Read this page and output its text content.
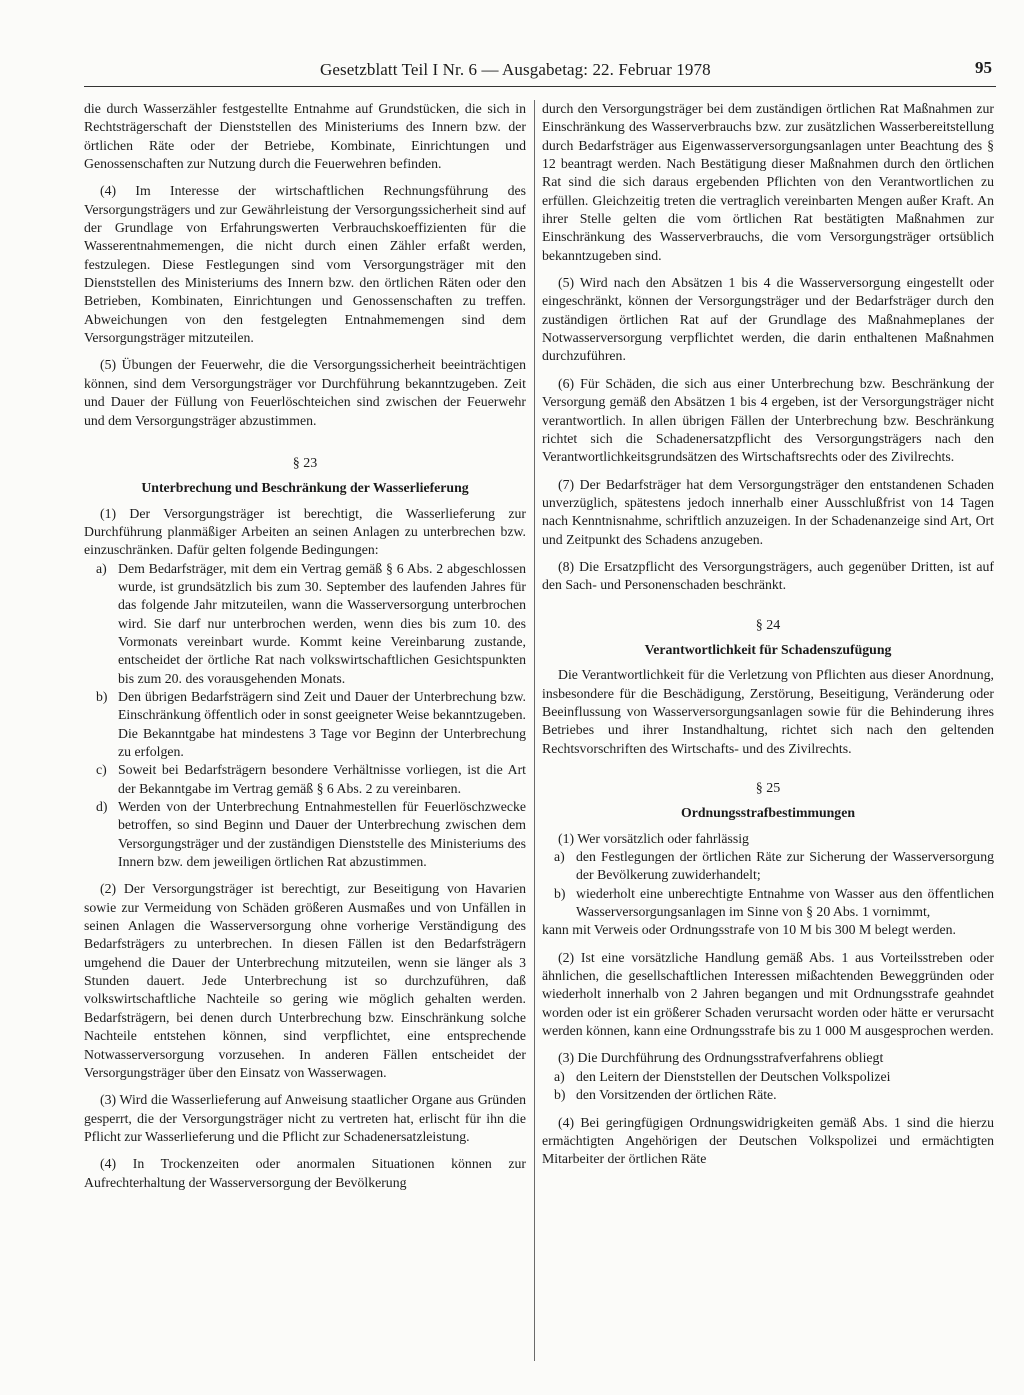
Gesetzblatt Teil I Nr. 6 — Ausgabetag: 22. Februar 1978	95

die durch Wasserzähler festgestellte Entnahme auf Grundstücken, die sich in Rechtsträgerschaft der Dienststellen des Ministeriums des Innern bzw. der örtlichen Räte oder der Betriebe, Kombinate, Einrichtungen und Genossenschaften zur Nutzung durch die Feuerwehren befinden.

(4) Im Interesse der wirtschaftlichen Rechnungsführung des Versorgungsträgers und zur Gewährleistung der Versorgungssicherheit sind auf der Grundlage von Erfahrungswerten Verbrauchskoeffizienten für die Wasserentnahmemengen, die nicht durch einen Zähler erfaßt werden, festzulegen. Diese Festlegungen sind vom Versorgungsträger mit den Dienststellen des Ministeriums des Innern bzw. den örtlichen Räten oder den Betrieben, Kombinaten, Einrichtungen und Genossenschaften zu treffen. Abweichungen von den festgelegten Entnahmemengen sind dem Versorgungsträger mitzuteilen.

(5) Übungen der Feuerwehr, die die Versorgungssicherheit beeinträchtigen können, sind dem Versorgungsträger vor Durchführung bekanntzugeben. Zeit und Dauer der Füllung von Feuerlöschteichen sind zwischen der Feuerwehr und dem Versorgungsträger abzustimmen.

§ 23
Unterbrechung und Beschränkung der Wasserlieferung

(1) Der Versorgungsträger ist berechtigt, die Wasserlieferung zur Durchführung planmäßiger Arbeiten an seinen Anlagen zu unterbrechen bzw. einzuschränken. Dafür gelten folgende Bedingungen:

a) Dem Bedarfsträger, mit dem ein Vertrag gemäß § 6 Abs. 2 abgeschlossen wurde, ist grundsätzlich bis zum 30. September des laufenden Jahres für das folgende Jahr mitzuteilen, wann die Wasserversorgung unterbrochen wird. Sie darf nur unterbrochen werden, wenn dies bis zum 10. des Vormonats vereinbart wurde. Kommt keine Vereinbarung zustande, entscheidet der örtliche Rat nach volkswirtschaftlichen Gesichtspunkten bis zum 20. des vorausgehenden Monats.
b) Den übrigen Bedarfsträgern sind Zeit und Dauer der Unterbrechung bzw. Einschränkung öffentlich oder in sonst geeigneter Weise bekanntzugeben. Die Bekanntgabe hat mindestens 3 Tage vor Beginn der Unterbrechung zu erfolgen.
c) Soweit bei Bedarfsträgern besondere Verhältnisse vorliegen, ist die Art der Bekanntgabe im Vertrag gemäß § 6 Abs. 2 zu vereinbaren.
d) Werden von der Unterbrechung Entnahmestellen für Feuerlöschzwecke betroffen, so sind Beginn und Dauer der Unterbrechung zwischen dem Versorgungsträger und der zuständigen Dienststelle des Ministeriums des Innern bzw. dem jeweiligen örtlichen Rat abzustimmen.

(2) Der Versorgungsträger ist berechtigt, zur Beseitigung von Havarien sowie zur Vermeidung von Schäden größeren Ausmaßes und von Unfällen in seinen Anlagen die Wasserversorgung ohne vorherige Verständigung des Bedarfsträgers zu unterbrechen. In diesen Fällen ist den Bedarfsträgern umgehend die Dauer der Unterbrechung mitzuteilen, wenn sie länger als 3 Stunden dauert. Jede Unterbrechung ist so durchzuführen, daß volkswirtschaftliche Nachteile so gering wie möglich gehalten werden. Bedarfsträgern, bei denen durch Unterbrechung bzw. Einschränkung solche Nachteile entstehen können, sind verpflichtet, eine entsprechende Notwasserversorgung vorzusehen. In anderen Fällen entscheidet der Versorgungsträger über den Einsatz von Wasserwagen.

(3) Wird die Wasserlieferung auf Anweisung staatlicher Organe aus Gründen gesperrt, die der Versorgungsträger nicht zu vertreten hat, erlischt für ihn die Pflicht zur Wasserlieferung und die Pflicht zur Schadenersatzleistung.

(4) In Trockenzeiten oder anormalen Situationen können zur Aufrechterhaltung der Wasserversorgung der Bevölkerung

durch den Versorgungsträger bei dem zuständigen örtlichen Rat Maßnahmen zur Einschränkung des Wasserverbrauchs bzw. zur zusätzlichen Wasserbereitstellung durch Bedarfsträger aus Eigenwasserversorgungsanlagen unter Beachtung des § 12 beantragt werden. Nach Bestätigung dieser Maßnahmen durch den örtlichen Rat sind die sich daraus ergebenden Pflichten von den Verantwortlichen zu erfüllen. Gleichzeitig treten die vertraglich vereinbarten Mengen außer Kraft. An ihrer Stelle gelten die vom örtlichen Rat bestätigten Maßnahmen zur Einschränkung des Wasserverbrauchs, die vom Versorgungsträger ortsüblich bekanntzugeben sind.

(5) Wird nach den Absätzen 1 bis 4 die Wasserversorgung eingestellt oder eingeschränkt, können der Versorgungsträger und der Bedarfsträger durch den zuständigen örtlichen Rat auf der Grundlage des Maßnahmeplanes der Notwasserversorgung verpflichtet werden, die darin enthaltenen Maßnahmen durchzuführen.

(6) Für Schäden, die sich aus einer Unterbrechung bzw. Beschränkung der Versorgung gemäß den Absätzen 1 bis 4 ergeben, ist der Versorgungsträger nicht verantwortlich. In allen übrigen Fällen der Unterbrechung bzw. Beschränkung richtet sich die Schadenersatzpflicht des Versorgungsträgers nach den Verantwortlichkeitsgrundsätzen des Wirtschaftsrechts oder des Zivilrechts.

(7) Der Bedarfsträger hat dem Versorgungsträger den entstandenen Schaden unverzüglich, spätestens jedoch innerhalb einer Ausschlußfrist von 14 Tagen nach Kenntnisnahme, schriftlich anzuzeigen. In der Schadenanzeige sind Art, Ort und Zeitpunkt des Schadens anzugeben.

(8) Die Ersatzpflicht des Versorgungsträgers, auch gegenüber Dritten, ist auf den Sach- und Personenschaden beschränkt.

§ 24
Verantwortlichkeit für Schadenszufügung

Die Verantwortlichkeit für die Verletzung von Pflichten aus dieser Anordnung, insbesondere für die Beschädigung, Zerstörung, Beseitigung, Veränderung oder Beeinflussung von Wasserversorgungsanlagen sowie für die Behinderung ihres Betriebes und ihrer Instandhaltung, richtet sich nach den geltenden Rechtsvorschriften des Wirtschafts- und des Zivilrechts.

§ 25
Ordnungsstrafbestimmungen

(1) Wer vorsätzlich oder fahrlässig

a) den Festlegungen der örtlichen Räte zur Sicherung der Wasserversorgung der Bevölkerung zuwiderhandelt;
b) wiederholt eine unberechtigte Entnahme von Wasser aus den öffentlichen Wasserversorgungsanlagen im Sinne von § 20 Abs. 1 vornimmt,

kann mit Verweis oder Ordnungsstrafe von 10 M bis 300 M belegt werden.

(2) Ist eine vorsätzliche Handlung gemäß Abs. 1 aus Vorteilsstreben oder ähnlichen, die gesellschaftlichen Interessen mißachtenden Beweggründen oder wiederholt innerhalb von 2 Jahren begangen und mit Ordnungsstrafe geahndet worden oder ist ein größerer Schaden verursacht worden oder hätte er verursacht werden können, kann eine Ordnungsstrafe bis zu 1 000 M ausgesprochen werden.

(3) Die Durchführung des Ordnungsstrafverfahrens obliegt

a) den Leitern der Dienststellen der Deutschen Volkspolizei
b) den Vorsitzenden der örtlichen Räte.

(4) Bei geringfügigen Ordnungswidrigkeiten gemäß Abs. 1 sind die hierzu ermächtigten Angehörigen der Deutschen Volkspolizei und ermächtigten Mitarbeiter der örtlichen Räte
